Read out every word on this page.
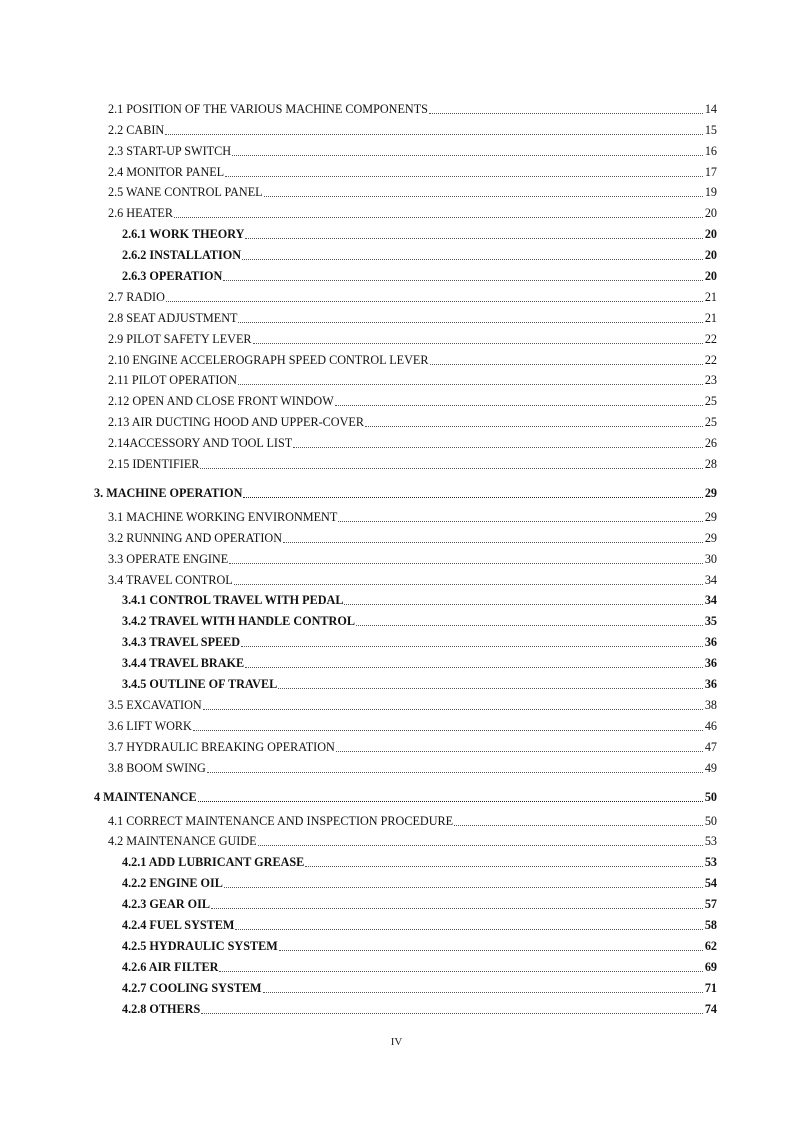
2.1 POSITION OF THE VARIOUS MACHINE COMPONENTS	14
2.2 CABIN	15
2.3 START-UP SWITCH	16
2.4 MONITOR PANEL	17
2.5 WANE CONTROL PANEL	19
2.6 HEATER	20
2.6.1 WORK THEORY	20
2.6.2 INSTALLATION	20
2.6.3 OPERATION	20
2.7 RADIO	21
2.8 SEAT ADJUSTMENT	21
2.9 PILOT SAFETY LEVER	22
2.10 ENGINE ACCELEROGRAPH SPEED CONTROL LEVER	22
2.11 PILOT OPERATION	23
2.12 OPEN AND CLOSE FRONT WINDOW	25
2.13 AIR DUCTING HOOD AND UPPER-COVER	25
2.14ACCESSORY AND TOOL LIST	26
2.15 IDENTIFIER	28
3. MACHINE OPERATION	29
3.1 MACHINE WORKING ENVIRONMENT	29
3.2 RUNNING AND OPERATION	29
3.3 OPERATE ENGINE	30
3.4 TRAVEL CONTROL	34
3.4.1 CONTROL TRAVEL WITH PEDAL	34
3.4.2 TRAVEL WITH HANDLE CONTROL	35
3.4.3 TRAVEL SPEED	36
3.4.4 TRAVEL BRAKE	36
3.4.5 OUTLINE OF TRAVEL	36
3.5 EXCAVATION	38
3.6 LIFT WORK	46
3.7 HYDRAULIC BREAKING OPERATION	47
3.8 BOOM SWING	49
4 MAINTENANCE	50
4.1 CORRECT MAINTENANCE AND INSPECTION PROCEDURE	50
4.2 MAINTENANCE GUIDE	53
4.2.1 ADD LUBRICANT GREASE	53
4.2.2 ENGINE OIL	54
4.2.3 GEAR OIL	57
4.2.4 FUEL SYSTEM	58
4.2.5 HYDRAULIC SYSTEM	62
4.2.6 AIR FILTER	69
4.2.7 COOLING SYSTEM	71
4.2.8 OTHERS	74
IV
